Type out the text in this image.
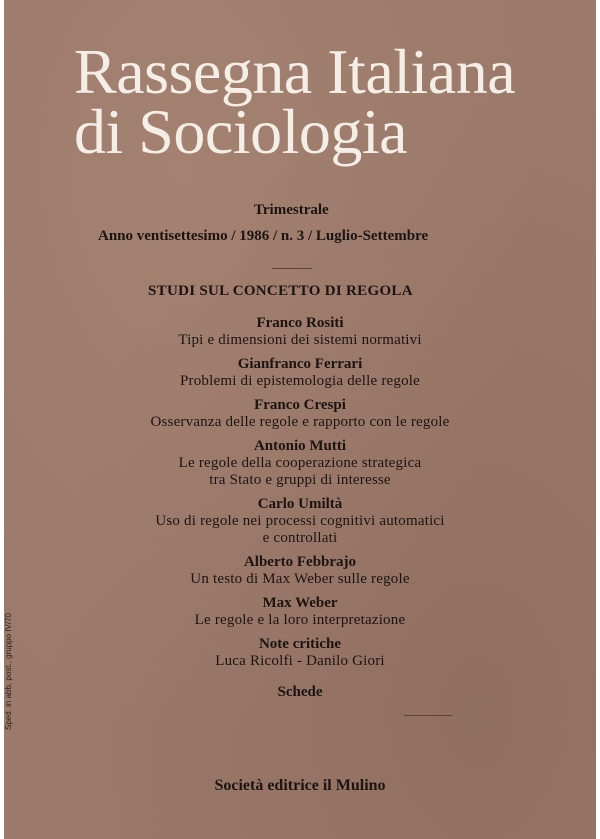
Rassegna Italiana
di Sociologia
Trimestrale
Anno ventisettesimo / 1986 / n. 3 / Luglio-Settembre
STUDI SUL CONCETTO DI REGOLA
Franco Rositi
Tipi e dimensioni dei sistemi normativi
Gianfranco Ferrari
Problemi di epistemologia delle regole
Franco Crespi
Osservanza delle regole e rapporto con le regole
Antonio Mutti
Le regole della cooperazione strategica
tra Stato e gruppi di interesse
Carlo Umiltà
Uso di regole nei processi cognitivi automatici
e controllati
Alberto Febbrajo
Un testo di Max Weber sulle regole
Max Weber
Le regole e la loro interpretazione
Note critiche
Luca Ricolfi - Danilo Giori
Schede
Società editrice il Mulino
Sped. in abb. post., gruppo IV/70
